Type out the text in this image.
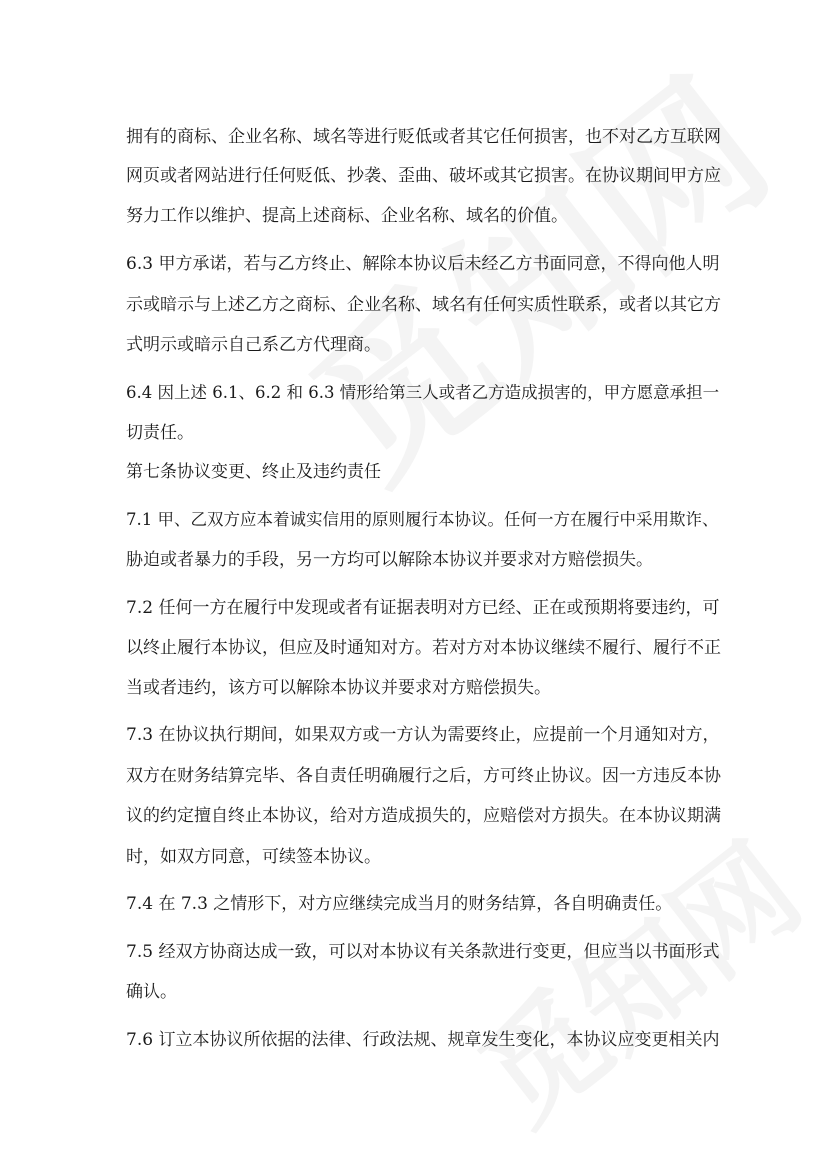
拥有的商标、企业名称、域名等进行贬低或者其它任何损害，也不对乙方互联网
网页或者网站进行任何贬低、抄袭、歪曲、破坏或其它损害。在协议期间甲方应
努力工作以维护、提高上述商标、企业名称、域名的价值。
6.3 甲方承诺，若与乙方终止、解除本协议后未经乙方书面同意，不得向他人明
示或暗示与上述乙方之商标、企业名称、域名有任何实质性联系，或者以其它方
式明示或暗示自己系乙方代理商。
6.4 因上述 6.1、6.2 和 6.3 情形给第三人或者乙方造成损害的，甲方愿意承担一
切责任。
第七条协议变更、终止及违约责任
7.1 甲、乙双方应本着诚实信用的原则履行本协议。任何一方在履行中采用欺诈、
胁迫或者暴力的手段，另一方均可以解除本协议并要求对方赔偿损失。
7.2 任何一方在履行中发现或者有证据表明对方已经、正在或预期将要违约，可
以终止履行本协议，但应及时通知对方。若对方对本协议继续不履行、履行不正
当或者违约，该方可以解除本协议并要求对方赔偿损失。
7.3 在协议执行期间，如果双方或一方认为需要终止，应提前一个月通知对方，
双方在财务结算完毕、各自责任明确履行之后，方可终止协议。因一方违反本协
议的约定擅自终止本协议，给对方造成损失的，应赔偿对方损失。在本协议期满
时，如双方同意，可续签本协议。
7.4 在 7.3 之情形下，对方应继续完成当月的财务结算，各自明确责任。
7.5 经双方协商达成一致，可以对本协议有关条款进行变更，但应当以书面形式
确认。
7.6 订立本协议所依据的法律、行政法规、规章发生变化，本协议应变更相关内
